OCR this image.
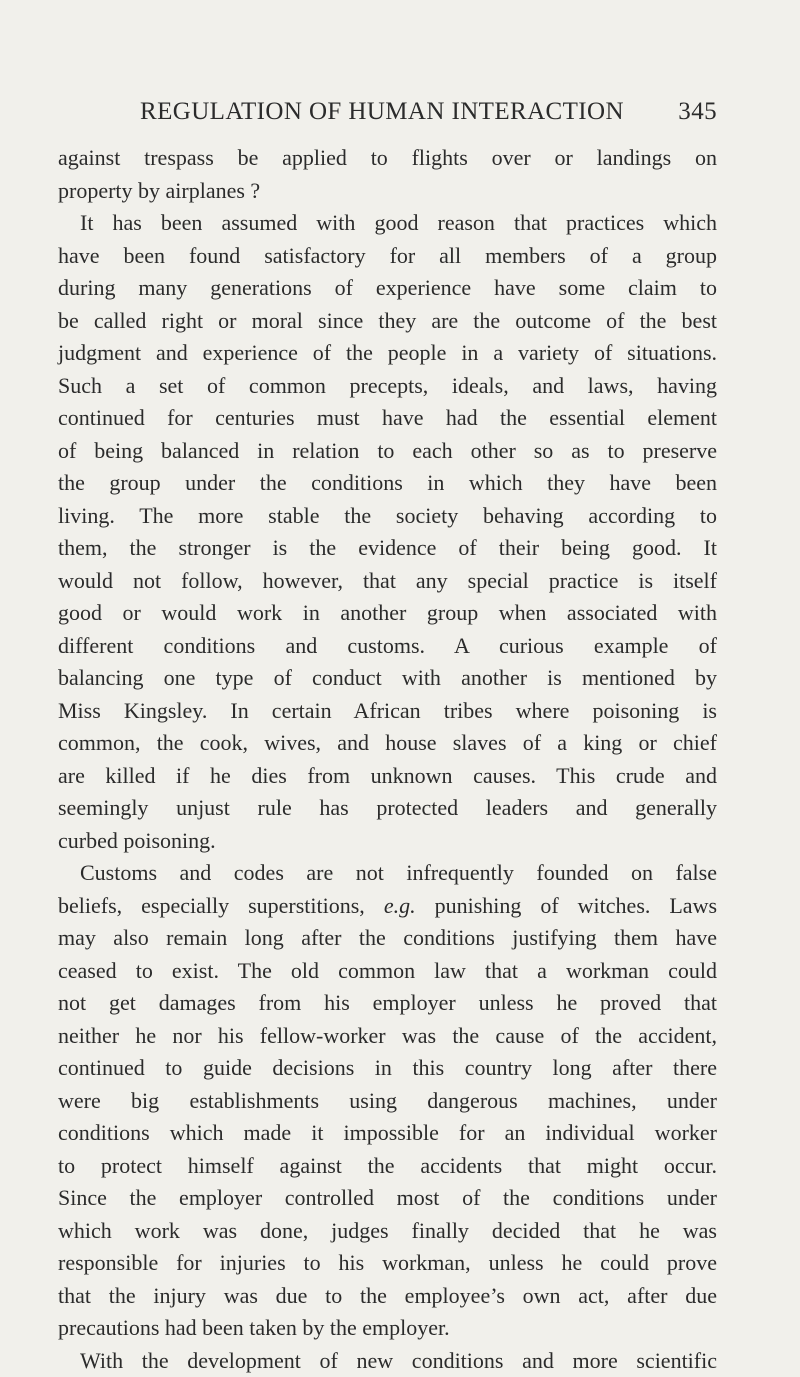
REGULATION OF HUMAN INTERACTION 345
against trespass be applied to flights over or landings on
property by airplanes ?
It has been assumed with good reason that practices which
have been found satisfactory for all members of a group
during many generations of experience have some claim to
be called right or moral since they are the outcome of the best
judgment and experience of the people in a variety of situations.
Such a set of common precepts, ideals, and laws, having
continued for centuries must have had the essential element
of being balanced in relation to each other so as to preserve
the group under the conditions in which they have been
living. The more stable the society behaving according to
them, the stronger is the evidence of their being good. It
would not follow, however, that any special practice is itself
good or would work in another group when associated with
different conditions and customs. A curious example of
balancing one type of conduct with another is mentioned by
Miss Kingsley. In certain African tribes where poisoning is
common, the cook, wives, and house slaves of a king or chief
are killed if he dies from unknown causes. This crude and
seemingly unjust rule has protected leaders and generally
curbed poisoning.
Customs and codes are not infrequently founded on false
beliefs, especially superstitions, e.g. punishing of witches. Laws
may also remain long after the conditions justifying them have
ceased to exist. The old common law that a workman could
not get damages from his employer unless he proved that
neither he nor his fellow-worker was the cause of the accident,
continued to guide decisions in this country long after there
were big establishments using dangerous machines, under
conditions which made it impossible for an individual worker
to protect himself against the accidents that might occur.
Since the employer controlled most of the conditions under
which work was done, judges finally decided that he was
responsible for injuries to his workman, unless he could prove
that the injury was due to the employee’s own act, after due
precautions had been taken by the employer.
With the development of new conditions and more scientific
